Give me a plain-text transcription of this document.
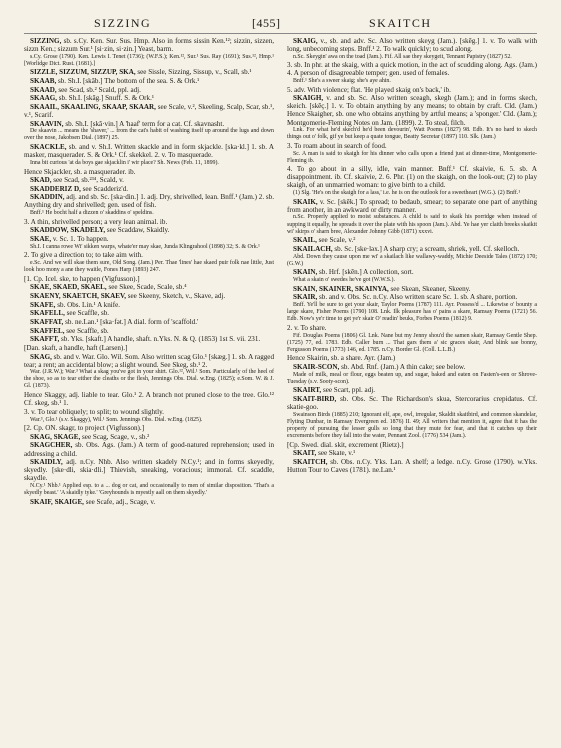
SIZZING	[455]	SKAITCH

SIZZING, sb. s.Cy. Ken. Sur. Sus. Hmp. Also in forms sissin Ken.¹²; sizzin, sizzen, sizzn Ken.; sizzum Sur.¹ [si·zin, si·zin.] Yeast, barm.

s.Cy. Grose (1790). Ken. Lewis I. Tenet (1736); (W.F.S.); Ken.¹², Sur.¹ Sus. Ray (1691); Sus.¹², Hmp.¹ [Worlidge Dict. Rust. (1681).]

SIZZLE, SIZZUM, SIZZUP, SKA, see Sissle, Sizzing, Sissup, v., Scall, sb.¹

SKAAB, sb. Sh.I. [skāb.] The bottom of the sea. S. & Ork.¹

SKAAD, see Scad, sb.² Scald, ppl. adj.

SKAAG, sb. Sh.I. [skāg.] Snuff. S. & Ork.¹

SKAAIL, SKAALING, SKAAP, SKAAR, see Scale, v.², Skeeling, Scalp, Scar, sb.¹, v.¹, Scarif.

SKAAVIN, sb. Sh.I. [skā·vin.] A 'haaf' term for a cat. Cf. skavnasht.

De skaavin ... means the 'shaver,' ... from the cat's habit of washing itself up around the lugs and down over the nose, Jakobsen Dial. (1897) 25.

SKACKLE, sb. and v. Sh.I. Written skackle and in form skjackle. [ska·kl.] 1. sb. A masker, masquerader. S. & Ork.¹ Cf. skekkel. 2. v. To masquerade.

Inna bit curious 'at da boys gae skjacklin i' wir place? Sh. News (Feb. 11, 1899).

Hence Skjackler, sb. a masquerader. ib.

SKAD, see Scad, sb.²³⁴, Scald, v.

SKADDERIZ D, see Scadderiz'd.

SKADDIN, adj. and sb. Sc. [ska·din.] 1. adj. Dry, shrivelled, lean. Bnff.¹ (Jam.) 2. sb. Anything dry and shrivelled; gen. used of fish.

Bnff.¹ He bocht half a dizzen o' skaddins o' speldins.

3. A thin, shrivelled person; a very lean animal. ib.

SKADDOW, SKADELY, see Scaddaw, Skaidly.

SKAE, v. Sc. 1. To happen.

Sh.I. I canna rowe Wi' sikken warps, whate'er may skae, Junda Klingrahool (1898) 32; S. & Ork.¹

2. To give a direction to; to take aim with.

e.Sc. And we will skae them sure, Old Song. (Jam.) Per. Thae 'lines' hae skaed puir folk nae little, Just look hoo mony a ane they waitle, Fones Harp (1893) 247.

[1. Cp. Icel. ske, to happen (Vigfusson).]

SKAE, SKAED, SKAEL, see Skee, Scade, Scale, sb.⁴

SKAENY, SKAETCH, SKAEV, see Skeeny, Sketch, v., Skave, adj.

SKAFE, sb. Obs. Lin.¹ A knife.

SKAFELL, see Scaffle, sb.

SKAFFAT, sb. ne.Lan.¹ [ska·fət.] A dial. form of 'scaffold.'

SKAFFEL, see Scaffle, sb.

SKAFFT, sb. Yks. [skaft.] A handle, shaft. n.Yks. N. & Q. (1853) 1st S. vii. 231.

[Dan. skaft, a handle, haft (Larsen).]

SKAG, sb. and v. War. Glo. Wil. Som. Also written scag Glo.¹ [skæg.] 1. sb. A ragged tear; a rent; an accidental blow; a slight wound. See Skeg, sb.¹ 2.

War. (J.R.W.); War.³ What a skag you've got in your shirt. Glo.¹², Wil.¹ Som. Particularly of the heel of the shoe, so as to tear either the cleaths or the flesh, Jennings Obs. Dial. w.Eng. (1825); e.Som. W. & J. Gl. (1873).

Hence Skaggy, adj. liable to tear. Glo.¹ 2. A branch not pruned close to the tree. Glo.¹² Cf. skeg, sb.¹ 1.

3. v. To tear obliquely; to split; to wound slightly.

War.³, Glo.¹ (s.v. Skaggy), Wil.¹ Som. Jennings Obs. Dial. w.Eng. (1825).

[2. Cp. ON. skagr, to project (Vigfusson).]

SKAG, SKAGE, see Scag, Scage, v., sb.²

SKAGCHER, sb. Obs. Ags. (Jam.) A term of good-natured reprehension; used in addressing a child.

SKAIDLY, adj. n.Cy. Nhb. Also written skadely N.Cy.¹; and in forms skeyedly, skyedly. [ske·dli, skia·dli.] Thievish, sneaking, voracious; immoral. Cf. scaddle, skaydle.

N.Cy.¹ Nhb.¹ Applied esp. to a ... dog or cat, and occasionally to men of similar disposition. 'That's a skyedly beast.' 'A skaidly tyke.' 'Greyhounds is myestly aall on them skyedly.'

SKAIF, SKAIGE, see Scafe, adj., Scage, v.

SKAIG, v., sb. and adv. Sc. Also written skeyg (Jam.). [skēg.] 1. v. To walk with long, unbecoming steps. Bnff.¹ 2. To walk quickly; to scud along.

n.Sc. Skeygin' awa on the toad (Jam.). Fif. All sae they skeygeit, Tennant Papistry (1827) 52.

3. sb. In phr. at the skaig, with a quick motion, in the act of scudding along. Ags. (Jam.) 4. A person of disagreeable temper; gen. used of females.

Bnff.¹ She's a sweer skaig; she's aye ahin.

5. adv. With violence; flat. 'He played skaig on's back,' ib.

SKAIGH, v. and sb. Sc. Also written sceagh, skegh (Jam.); and in forms skech, skeich. [skēç.] 1. v. To obtain anything by any means; to obtain by craft. Cld. (Jam.) Hence Skaigher, sb. one who obtains anything by artful means; a 'sponger.' Cld. (Jam.); Montgomerie-Fleming Notes on Jam. (1899). 2. To steal, filch.

Lnk. For what he'd skech'd he'd been devourin', Watt Poems (1827) 98. Edb. It's no hard to skech things out o' folk, gif ye but keep a quate tongue, Beatty Secretar (1897) 110. Slk. (Jam.)

3. To roam about in search of food.

Sc. A man is said to skaigh for his dinner who calls upon a friend just at dinner-time, Montgomerie-Fleming ib.

4. To go about in a silly, idle, vain manner. Bnff.¹ Cf. skaivie, 6. 5. sb. A disappointment. ib. Cf. skaivie, 2. 6. Phr. (1) on the skaigh, on the look-out; (2) to play skaigh, of an unmarried woman: to give birth to a child.

(1) Slg. 'He's on the skaigh for a lass,' i.e. he is on the outlook for a sweetheart (W.G.). (2) Bnff.¹

SKAIK, v. Sc. [skēk.] To spread; to bedaub, smear; to separate one part of anything from another, in an awkward or dirty manner.

n.Sc. Properly applied to moist substances. A child is said to skaik his porridge when instead of supping it equally, he spreads it over the plate with his spoon (Jam.). Abd. Ye hae yer claith breeks skaikit wi' skirps o' sharn bree, Alexander Johnny Gibb (1871) xxxvi.

SKAIL, see Scale, v.²

SKAILACH, sb. Sc. [ske·ləx.] A sharp cry; a scream, shriek, yell. Cf. skelloch.

Abd. Down they cause upon me wi' a skailach like wallawy-waddy, Michie Deeside Tales (1872) 170; (G.W.)

SKAIN, sb. Hrf. [skēn.] A collection, sort.

What a skain o' swedes he've got (W.W.S.).

SKAIN, SKAINER, SKAINYA, see Skean, Skeaner, Skeeny.

SKAIR, sb. and v. Obs. Sc. n.Cy. Also written scare Sc. 1. sb. A share, portion.

Bnff. Ye'll be sure to get your skair, Taylor Poems (1787) 111. Ayr. Possess'd ... Likewise o' bounty a large skare, Fisher Poems (1790) 108. Lnk. Ilk pleasure has o' pains a skare, Ramsay Poems (1721) 56. Edb. Now's ye'r time to get ye'r skair O' readin' beuks, Forbes Poems (1812) 9.

2. v. To share.

Fif. Douglas Poems (1806) Gl. Lnk. Nane but my Jenny shou'd the samen skair, Ramsay Gentle Shep. (1725) 77, ed. 1783. Edb. Caller burn ... That gars them a' sic graces skair, And blink sae bonny, Fergusson Poems (1773) 146, ed. 1785. n.Cy. Border Gl. (Coll. L.L.B.)

Hence Skairin, sb. a share. Ayr. (Jam.)

SKAIR-SCON, sb. Abd. Rnf. (Jam.) A thin cake; see below.

Made of milk, meal or flour, eggs beaten up, and sugar, baked and eaten on Fasten's-een or Shrove-Tuesday (s.v. Sooty-scon).

SKAIRT, see Scart, ppl. adj.

SKAIT-BIRD, sb. Obs. Sc. The Richardson's skua, Stercorarius crepidatus. Cf. skatie-goo.

Swainson Birds (1885) 210; Ignorant elf, ape, owl, irregular, Skaldit skaitbird, and common skandelar, Flyting Dunbar, in Ramsay Evergreen ed. 1876) II. 49; All writers that mention it, agree that it has the property of pursuing the lesser gulls so long that they mute for fear, and that it catches up their excrements before they fall into the water, Pennant Zool. (1776) 534 (Jam.).

[Cp. Swed. dial. skit, excrement (Rietz).]

SKAIT, see Skate, v.¹

SKAITCH, sb. Obs. n.Cy. Yks. Lan. A shelf; a ledge. n.Cy. Grose (1790). w.Yks. Hutton Tour to Caves (1781). ne.Lan.¹
